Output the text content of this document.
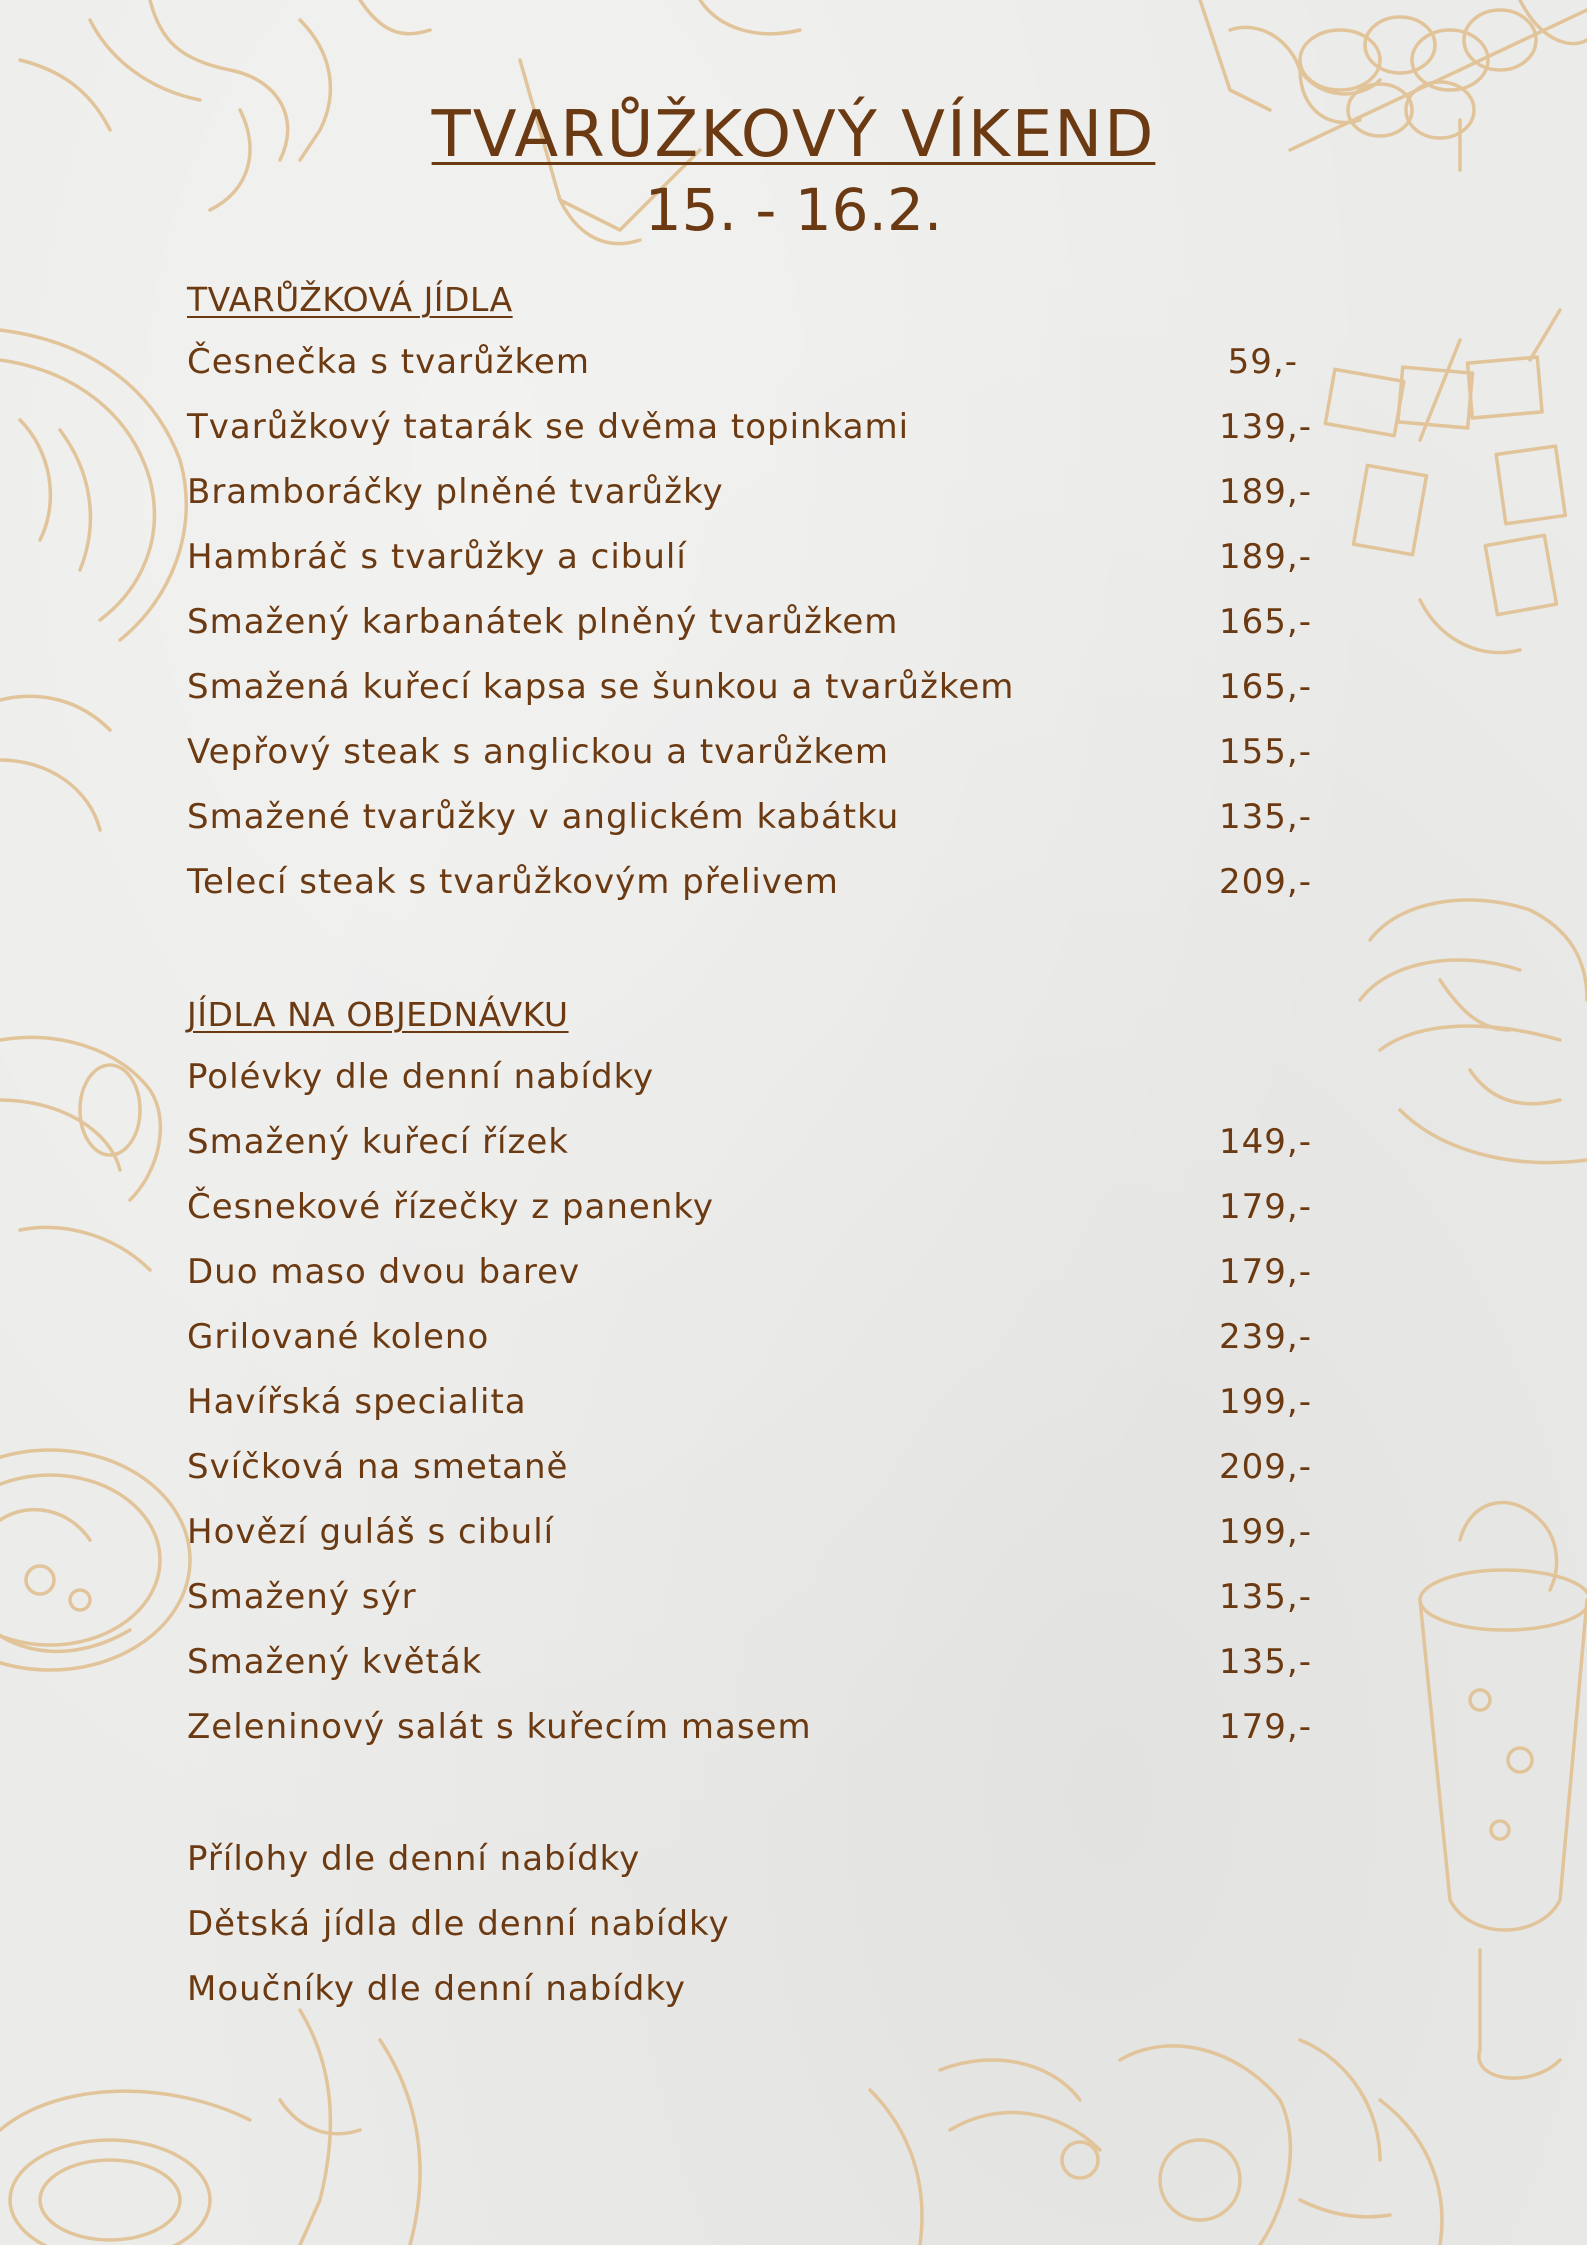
TVARŮŽKOVÝ VÍKEND
15. - 16.2.
TVARŮŽKOVÁ JÍDLA
Česnečka s tvarůžkem	59,-
Tvarůžkový tatarák se dvěma topinkami	139,-
Bramboráčky plněné tvarůžky	189,-
Hambráč s tvarůžky a cibulí	189,-
Smažený karbanátek plněný tvarůžkem	165,-
Smažená kuřecí kapsa se šunkou a tvarůžkem	165,-
Vepřový steak s anglickou a tvarůžkem	155,-
Smažené tvarůžky v anglickém kabátku	135,-
Telecí steak s tvarůžkovým přelivem	209,-
JÍDLA NA OBJEDNÁVKU
Polévky dle denní nabídky
Smažený kuřecí řízek	149,-
Česnekové řízečky z panenky	179,-
Duo maso dvou barev	179,-
Grilované koleno	239,-
Havířská specialita	199,-
Svíčková na smetaně	209,-
Hovězí guláš s cibulí	199,-
Smažený sýr	135,-
Smažený květák	135,-
Zeleninový salát s kuřecím masem	179,-
Přílohy dle denní nabídky
Dětská jídla dle denní nabídky
Moučníky dle denní nabídky
